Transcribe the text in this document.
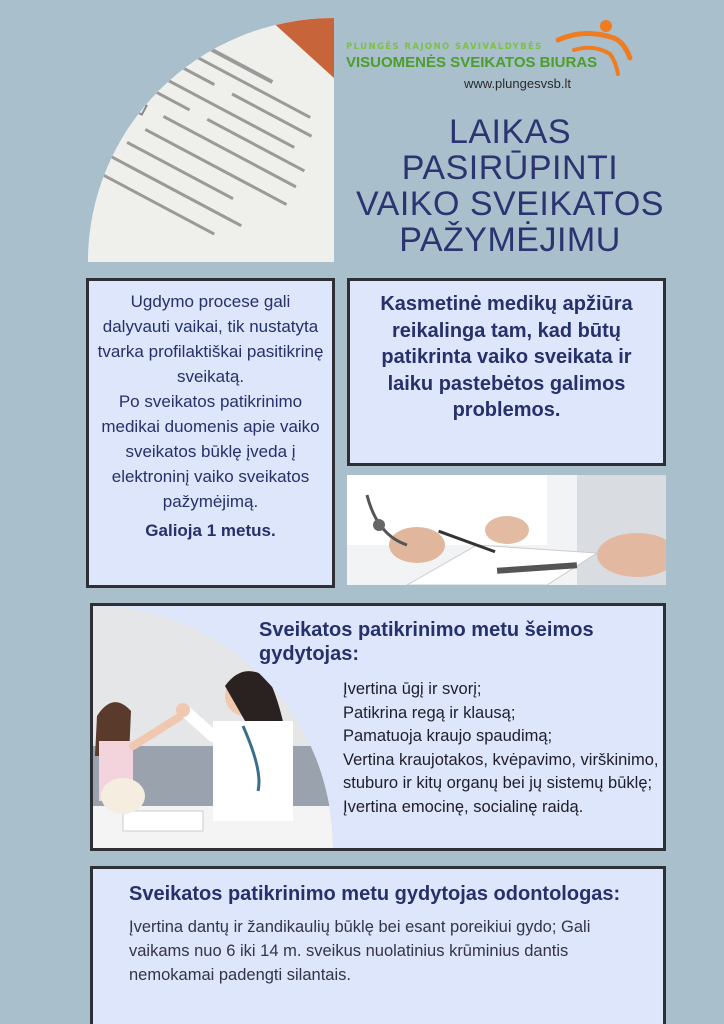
PLUNGĖS RAJONO SAVIVALDYBĖS
VISUOMENĖS SVEIKATOS BIURAS
www.plungesvsb.lt
LAIKAS
PASIRŪPINTI
VAIKO SVEIKATOS
PAŽYMĖJIMU

Ugdymo procese gali dalyvauti vaikai, tik nustatyta tvarka profilaktiškai pasitikrinę sveikatą.

Po sveikatos patikrinimo medikai duomenis apie vaiko sveikatos būklę įveda į elektroninį vaiko sveikatos pažymėjimą.

Galioja 1 metus.

Kasmetinė medikų apžiūra reikalinga tam, kad būtų patikrinta vaiko sveikata ir laiku pastebėtos galimos problemos.

Sveikatos patikrinimo metu šeimos gydytojas:
Įvertina ūgį ir svorį;
Patikrina regą ir klausą;
Pamatuoja kraujo spaudimą;
Vertina kraujotakos, kvėpavimo, virškinimo, stuburo ir kitų organų bei jų sistemų būklę;
Įvertina emocinę, socialinę raidą.
Sveikatos patikrinimo metu gydytojas odontologas:
Įvertina dantų ir žandikaulių būklę bei esant poreikiui gydo; Gali vaikams nuo 6 iki 14 m. sveikus nuolatinius krūminius dantis nemokamai padengti silantais.
